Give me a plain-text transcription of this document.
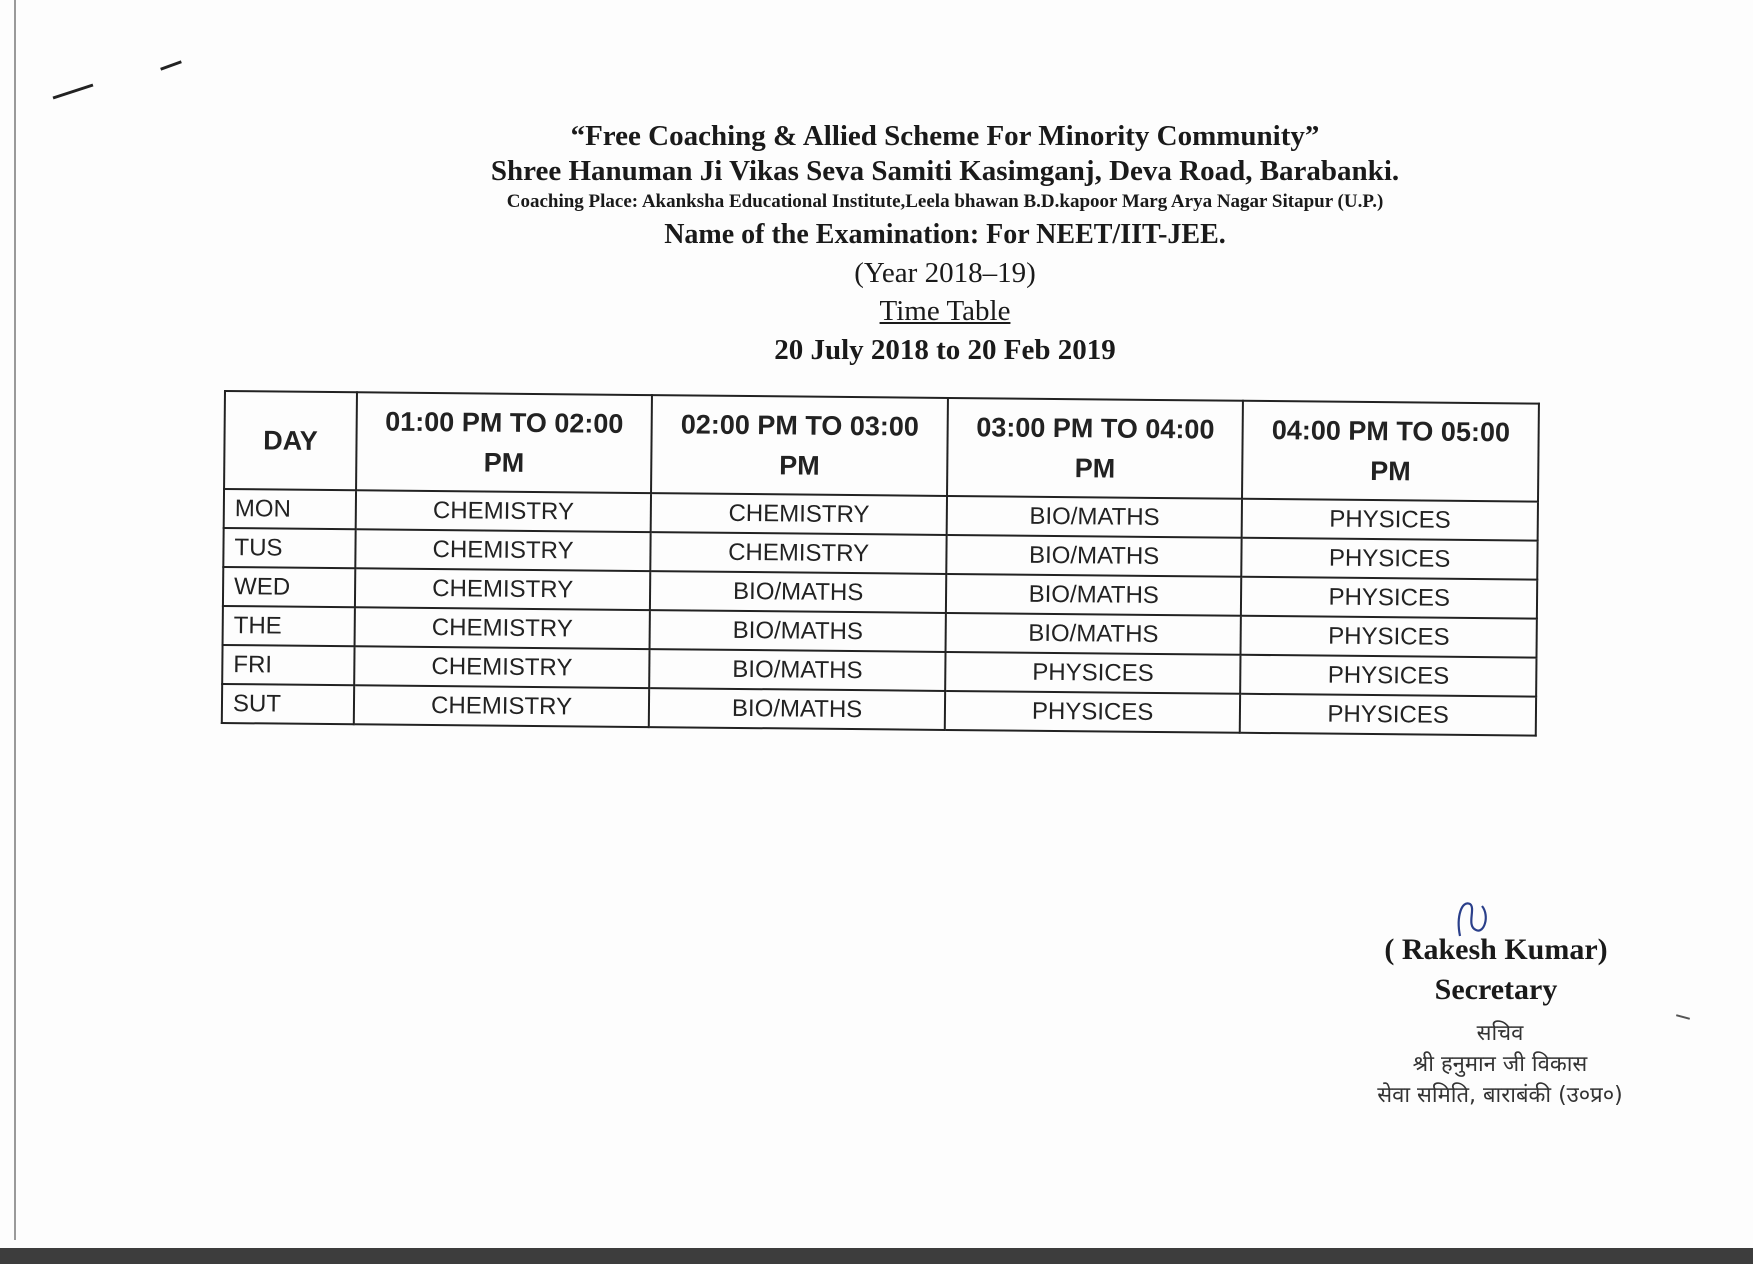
“Free Coaching & Allied Scheme For Minority Community”
Shree Hanuman Ji Vikas Seva Samiti Kasimganj, Deva Road, Barabanki.
Coaching Place: Akanksha Educational Institute,Leela bhawan B.D.kapoor Marg Arya Nagar Sitapur (U.P.)
Name of the Examination: For NEET/IIT-JEE.
(Year 2018–19)
Time Table
20 July 2018 to 20 Feb 2019
DAY	01:00 PM TO 02:00 PM	02:00 PM TO 03:00 PM	03:00 PM TO 04:00 PM	04:00 PM TO 05:00 PM
MON	CHEMISTRY	CHEMISTRY	BIO/MATHS	PHYSICES
TUS	CHEMISTRY	CHEMISTRY	BIO/MATHS	PHYSICES
WED	CHEMISTRY	BIO/MATHS	BIO/MATHS	PHYSICES
THE	CHEMISTRY	BIO/MATHS	BIO/MATHS	PHYSICES
FRI	CHEMISTRY	BIO/MATHS	PHYSICES	PHYSICES
SUT	CHEMISTRY	BIO/MATHS	PHYSICES	PHYSICES
( Rakesh Kumar)
Secretary
सचिव
श्री हनुमान जी विकास
सेवा समिति, बाराबंकी (उ०प्र०)
